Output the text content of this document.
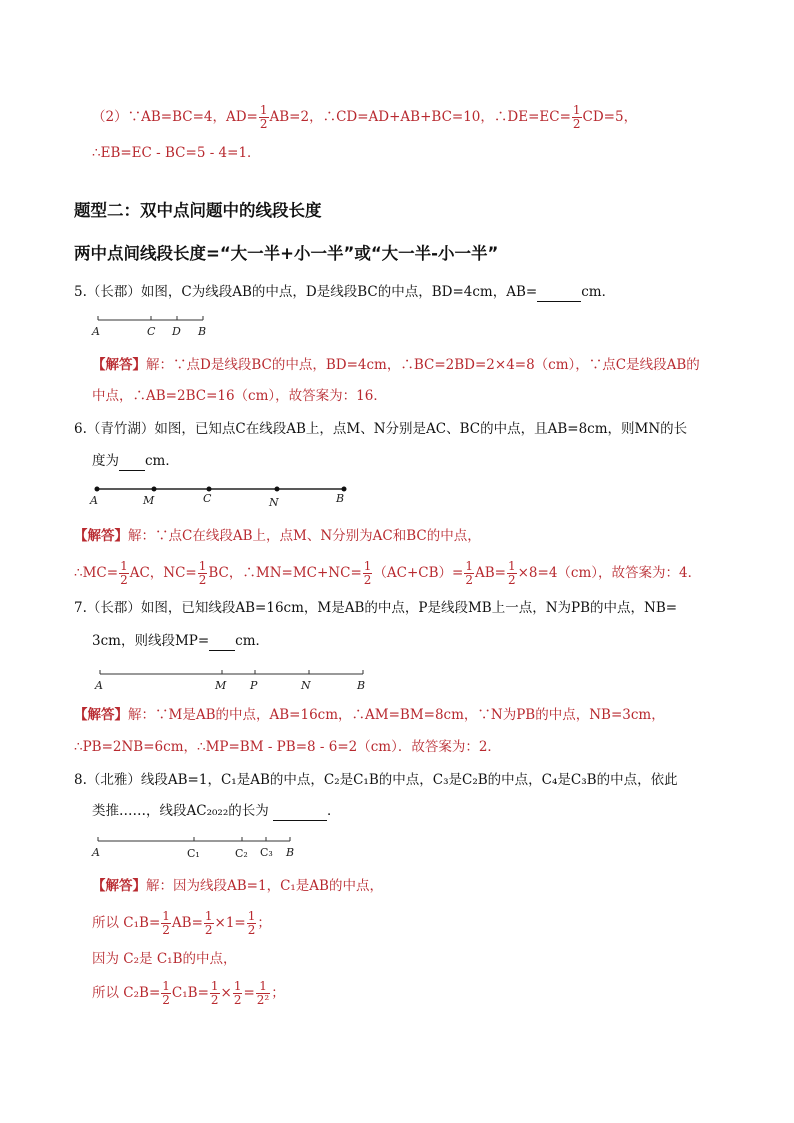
（2）∵AB=BC=4，$AD= \frac{1}{2} AB=2$，∴CD=AD+AB+BC=10，∴DE=EC= $\frac{1}{2} CD=5$，
∴EB=EC - BC=5 - 4=1．
题型二：双中点问题中的线段长度
两中点间线段长度=“大一半+小一半”或“大一半-小一半”
5.（长郡）如图，C为线段AB的中点，D是线段BC的中点，BD=4cm，AB=	cm．
A	C D B
【解答】解：∵点D是线段BC的中点，BD=4cm，∴BC=2BD=2×4=8（cm），∵点C是线段AB的
中点，∴AB=2BC=16（cm），故答案为：16．
6.（青竹湖）如图，已知点C在线段AB上，点M、N分别是AC、BC的中点，且AB=8cm，则MN的长
度为 cm．
A	M	C	N	B
【解答】解：∵点C在线段AB上，点M、N分别为AC和BC的中点，
∴MC= $\frac{1}{2}$ AC，$NC= \frac{1}{2}$ BC，∴MN=MC+NC= $\frac{1}{2} (AC+CB)= \frac{1}{2} AB= \frac{1}{2} \times 8=4(cm)$，故答案为：4．
7.（长郡）如图，已知线段AB=16cm，M是AB的中点，P是线段MB上一点，N为PB的中点，NB=
3cm，则线段MP= cm．
A	M P	N	B
【解答】解：∵M是AB的中点，AB=16cm，∴AM=BM=8cm，∵N为PB的中点，NB=3cm，
∴PB=2NB=6cm，∴MP=BM - PB=8 - 6=2（cm）．故答案为：2．
8.（北雅）线段AB=1，C₁是AB的中点，C₂是C₁B的中点，C₃是C₂B的中点，C₄是C₃B的中点，依此
类推……，线段AC₂₀₂₂的长为	．
A	C₁	C₂ C₃ B
【解答】解：因为线段AB=1，C₁是AB的中点，
所以 $C_1B= \frac{1}{2} AB= \frac{1}{2} \times 1= \frac{1}{2}$ ；
因为 C₂是 C₁B的中点，
所以 $C_2B= \frac{1}{2} C_1B= \frac{1}{2} \times \frac{1}{2} = \frac{1}{\text{2²}}$ ；
